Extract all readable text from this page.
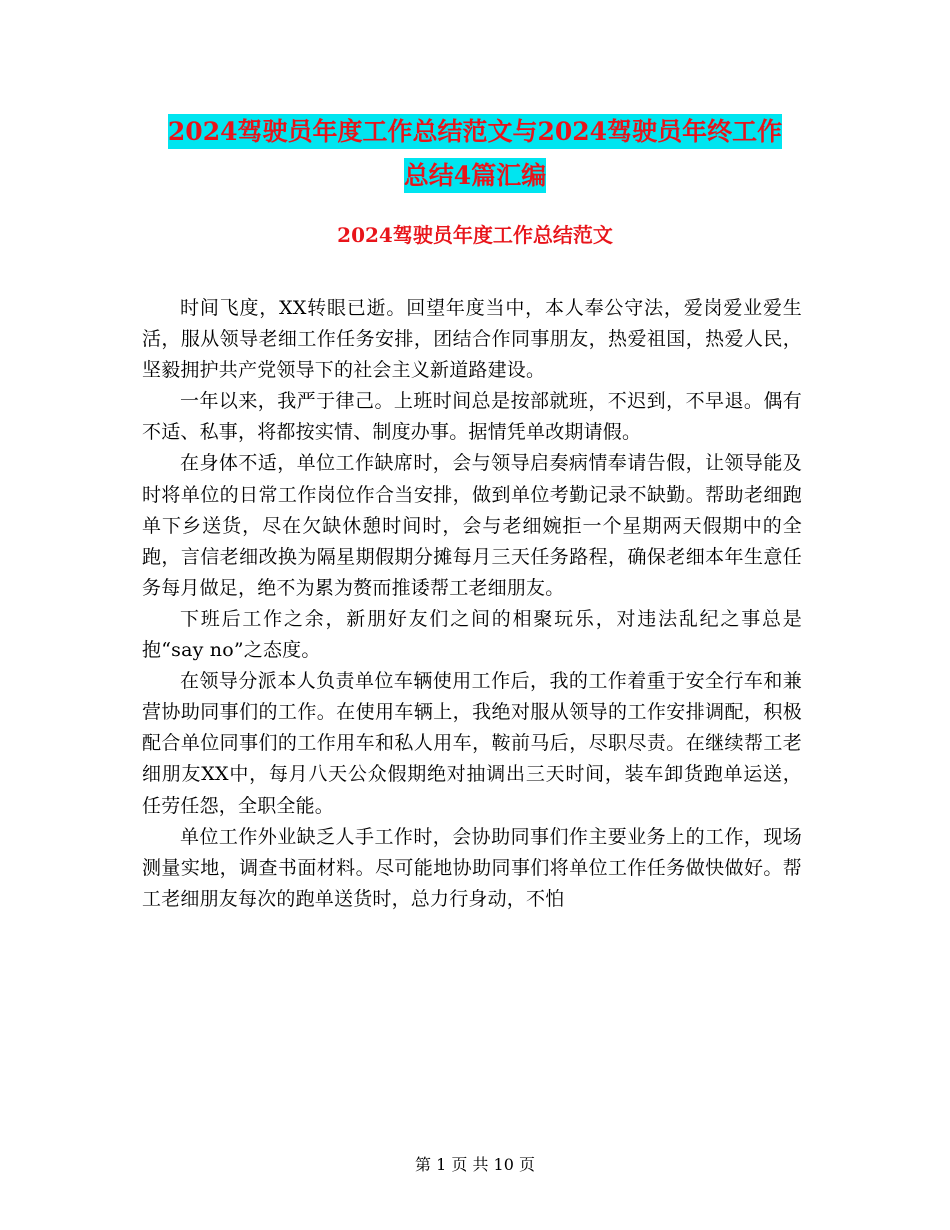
2024驾驶员年度工作总结范文与2024驾驶员年终工作
总结4篇汇编
2024驾驶员年度工作总结范文

时间飞度，XX转眼已逝。回望年度当中，本人奉公守法，爱岗爱业爱生活，服从领导老细工作任务安排，团结合作同事朋友，热爱祖国，热爱人民，坚毅拥护共产党领导下的社会主义新道路建设。

一年以来，我严于律己。上班时间总是按部就班，不迟到，不早退。偶有不适、私事，将都按实情、制度办事。据情凭单改期请假。

在身体不适，单位工作缺席时，会与领导启奏病情奉请告假，让领导能及时将单位的日常工作岗位作合当安排，做到单位考勤记录不缺勤。帮助老细跑单下乡送货，尽在欠缺休憩时间时，会与老细婉拒一个星期两天假期中的全跑，言信老细改换为隔星期假期分摊每月三天任务路程，确保老细本年生意任务每月做足，绝不为累为赘而推诿帮工老细朋友。

下班后工作之余，新朋好友们之间的相聚玩乐，对违法乱纪之事总是抱“say no”之态度。

在领导分派本人负责单位车辆使用工作后，我的工作着重于安全行车和兼营协助同事们的工作。在使用车辆上，我绝对服从领导的工作安排调配，积极配合单位同事们的工作用车和私人用车，鞍前马后，尽职尽责。在继续帮工老细朋友XX中，每月八天公众假期绝对抽调出三天时间，装车卸货跑单运送，任劳任怨，全职全能。

单位工作外业缺乏人手工作时，会协助同事们作主要业务上的工作，现场测量实地，调查书面材料。尽可能地协助同事们将单位工作任务做快做好。帮工老细朋友每次的跑单送货时，总力行身动，不怕

第 1 页 共 10 页
